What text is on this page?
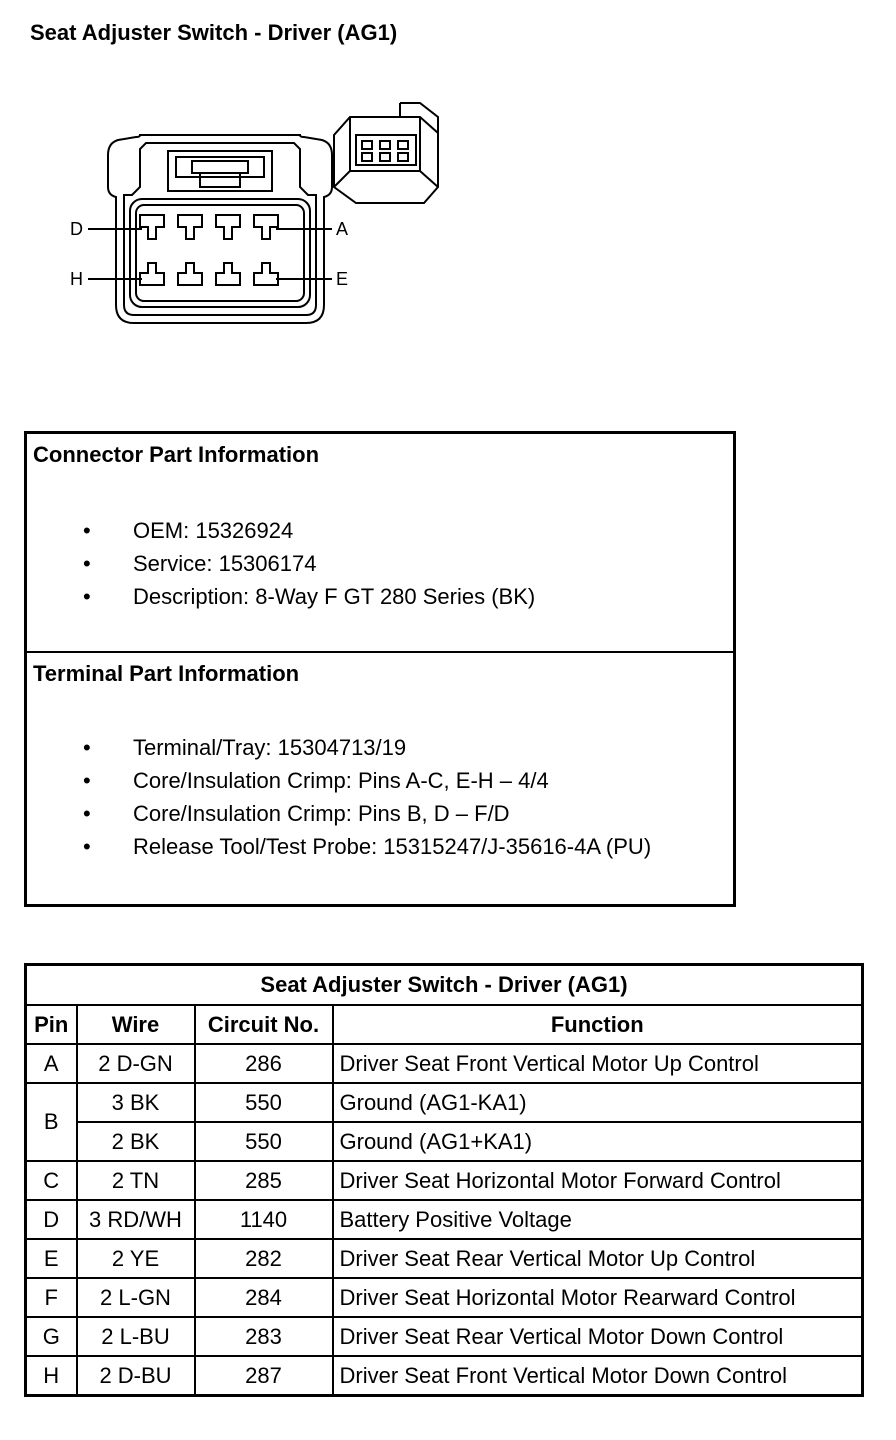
Seat Adjuster Switch - Driver (AG1)
D	A
H	E
Connector Part Information
• OEM: 15326924
• Service: 15306174
• Description: 8-Way F GT 280 Series (BK)
Terminal Part Information
• Terminal/Tray: 15304713/19
• Core/Insulation Crimp: Pins A-C, E-H – 4/4
• Core/Insulation Crimp: Pins B, D – F/D
• Release Tool/Test Probe: 15315247/J-35616-4A (PU)
Seat Adjuster Switch - Driver (AG1)			
Pin	Wire	Circuit No.	Function
A	2 D-GN	286	Driver Seat Front Vertical Motor Up Control
B	3 BK	550	Ground (AG1-KA1)
	2 BK	550	Ground (AG1+KA1)
C	2 TN	285	Driver Seat Horizontal Motor Forward Control
D	3 RD/WH	1140	Battery Positive Voltage
E	2 YE	282	Driver Seat Rear Vertical Motor Up Control
F	2 L-GN	284	Driver Seat Horizontal Motor Rearward Control
G	2 L-BU	283	Driver Seat Rear Vertical Motor Down Control
H	2 D-BU	287	Driver Seat Front Vertical Motor Down Control
